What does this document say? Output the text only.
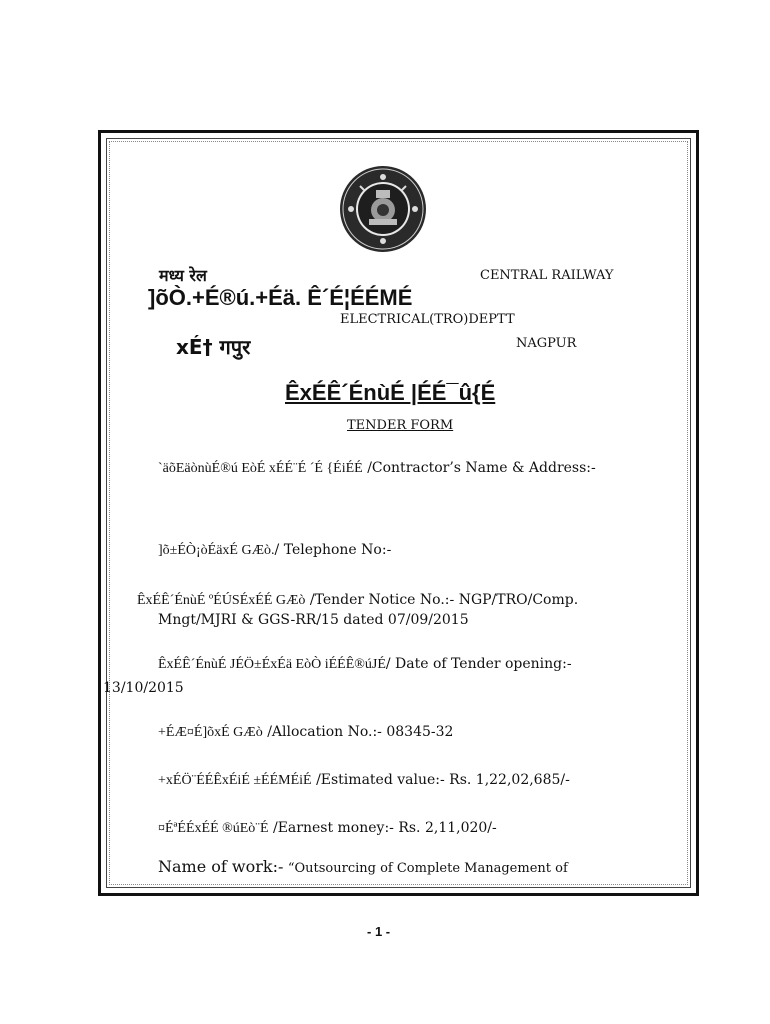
मध्य रेल	CENTRAL RAILWAY
]õÒ.+É®ú.+Éä. Ê´É¦ÉÉMÉ
ELECTRICAL(TRO)DEPTT
xÉ† गपुर	NAGPUR
ÊxÉÊ´ÉnùÉ |ÉÉ¯û{É
TENDER FORM
`äõEäònùÉ®ú EòÉ xÉÉ¨É ´É {ÉiÉÉ /Contractor’s Name & Address:-
]õ±ÉÒ¡òÉäxÉ GÆò./ Telephone No:-
ÊxÉÊ´ÉnùÉ ºÉÚSÉxÉÉ GÆò /Tender Notice No.:- NGP/TRO/Comp.
Mngt/MJRI & GGS-RR/15 dated 07/09/2015
ÊxÉÊ´ÉnùÉ JÉÖ±ÉxÉä EòÒ iÉÉÊ®úJÉ/ Date of Tender opening:-
13/10/2015
+ÉÆ¤É]õxÉ GÆò /Allocation No.:- 08345-32
+xÉÖ¨ÉÉÊxÉiÉ ±ÉÉMÉiÉ /Estimated value:- Rs. 1,22,02,685/-
¤ÉªÉÉxÉÉ ®úEò¨É /Earnest money:- Rs. 2,11,020/-
Name of work:- “Outsourcing of Complete Management of
- 1 -
